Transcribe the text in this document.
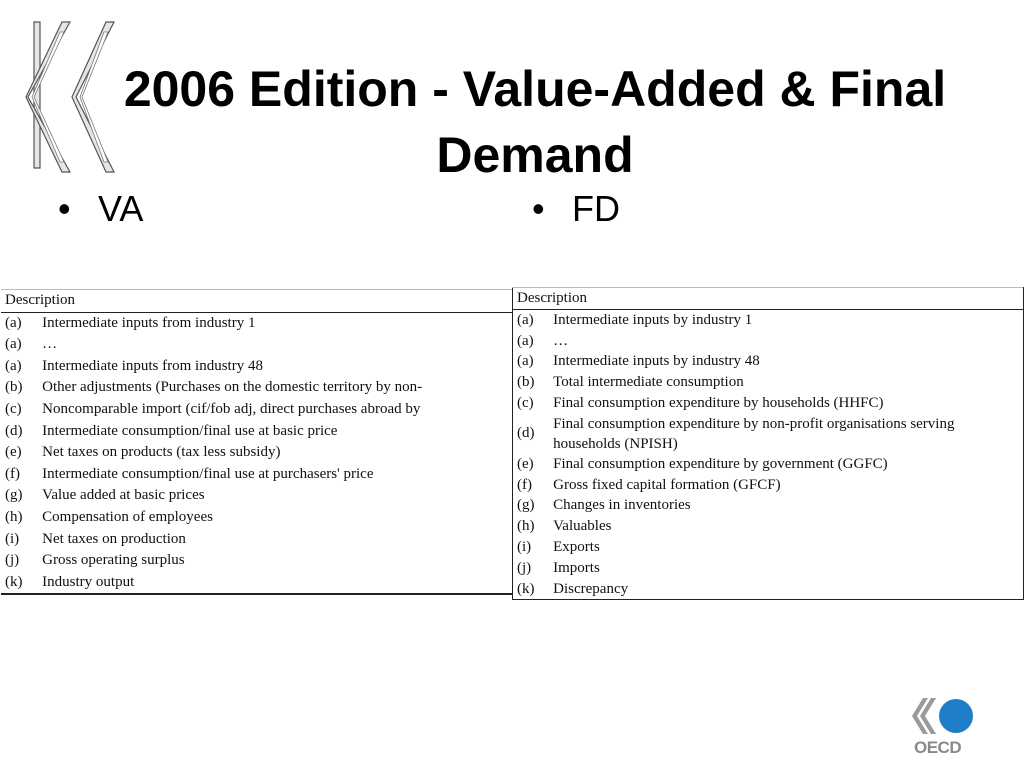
2006 Edition - Value-Added & Final Demand
• VA	• FD
Description	
(a)	Intermediate inputs from industry 1
(a)	…
(a)	Intermediate inputs from industry 48
(b)	Other adjustments (Purchases on the domestic territory by non-
(c)	Noncomparable import (cif/fob adj, direct purchases abroad by
(d)	Intermediate consumption/final use at basic price
(e)	Net taxes on products (tax less subsidy)
(f)	Intermediate consumption/final use at purchasers' price
(g)	Value added at basic prices
(h)	Compensation of employees
(i)	Net taxes on production
(j)	Gross operating surplus
(k)	Industry output
Description	
(a)	Intermediate inputs by industry 1
(a)	…
(a)	Intermediate inputs by industry 48
(b)	Total intermediate consumption
(c)	Final consumption expenditure by households (HHFC)
(d)	Final consumption expenditure by non-profit organisations serving households (NPISH)
(e)	Final consumption expenditure by government (GGFC)
(f)	Gross fixed capital formation (GFCF)
(g)	Changes in inventories
(h)	Valuables
(i)	Exports
(j)	Imports
(k)	Discrepancy
OECD
